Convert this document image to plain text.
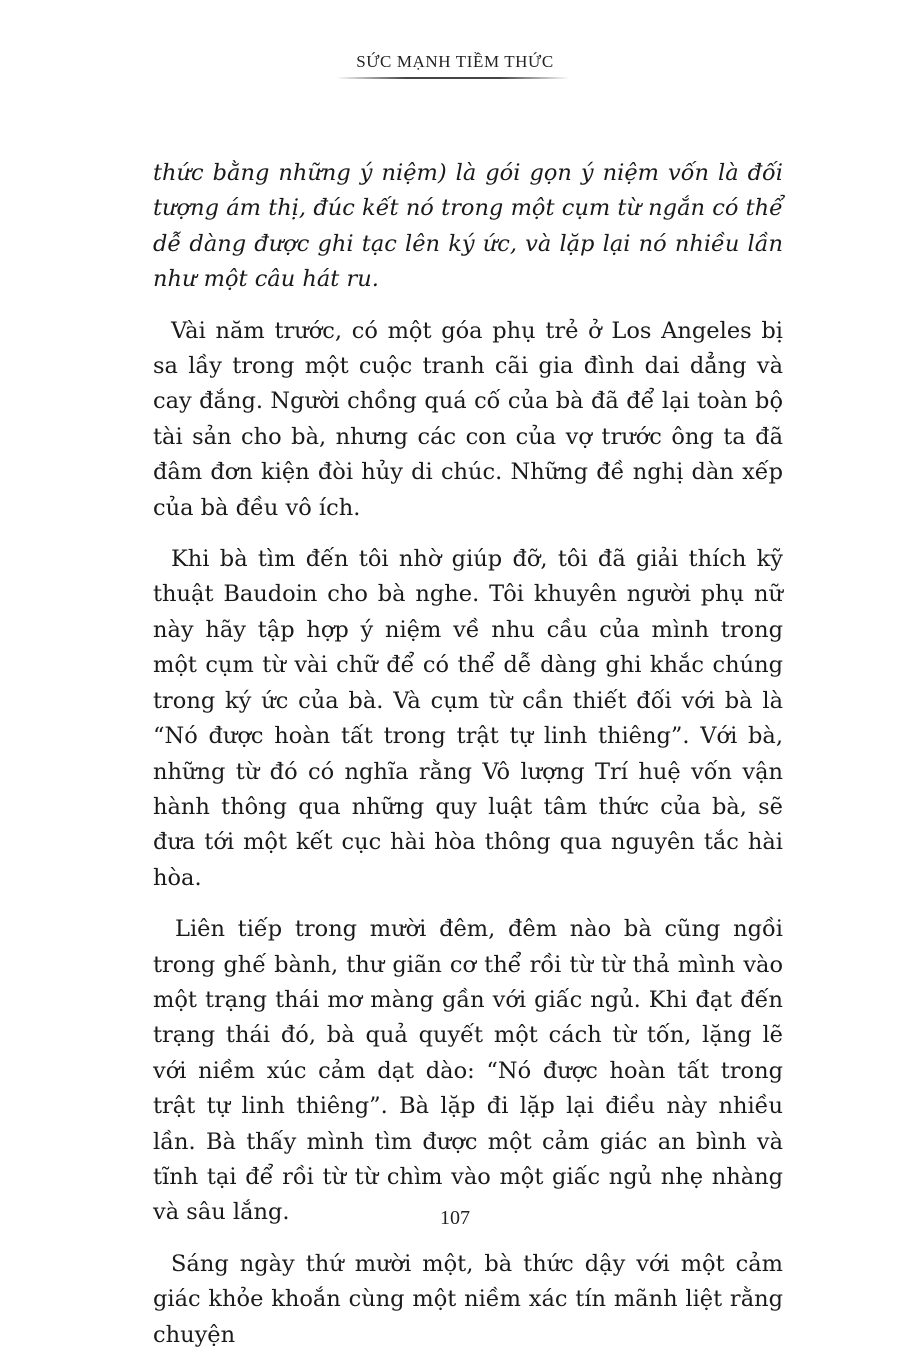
SỨC MẠNH TIỀM THỨC

thức bằng những ý niệm) là gói gọn ý niệm vốn là đối tượng ám thị, đúc kết nó trong một cụm từ ngắn có thể dễ dàng được ghi tạc lên ký ức, và lặp lại nó nhiều lần như một câu hát ru.

Vài năm trước, có một góa phụ trẻ ở Los Angeles bị sa lầy trong một cuộc tranh cãi gia đình dai dẳng và cay đắng. Người chồng quá cố của bà đã để lại toàn bộ tài sản cho bà, nhưng các con của vợ trước ông ta đã đâm đơn kiện đòi hủy di chúc. Những đề nghị dàn xếp của bà đều vô ích.

Khi bà tìm đến tôi nhờ giúp đỡ, tôi đã giải thích kỹ thuật Baudoin cho bà nghe. Tôi khuyên người phụ nữ này hãy tập hợp ý niệm về nhu cầu của mình trong một cụm từ vài chữ để có thể dễ dàng ghi khắc chúng trong ký ức của bà. Và cụm từ cần thiết đối với bà là “Nó được hoàn tất trong trật tự linh thiêng”. Với bà, những từ đó có nghĩa rằng Vô lượng Trí huệ vốn vận hành thông qua những quy luật tâm thức của bà, sẽ đưa tới một kết cục hài hòa thông qua nguyên tắc hài hòa.

Liên tiếp trong mười đêm, đêm nào bà cũng ngồi trong ghế bành, thư giãn cơ thể rồi từ từ thả mình vào một trạng thái mơ màng gần với giấc ngủ. Khi đạt đến trạng thái đó, bà quả quyết một cách từ tốn, lặng lẽ với niềm xúc cảm dạt dào: “Nó được hoàn tất trong trật tự linh thiêng”. Bà lặp đi lặp lại điều này nhiều lần. Bà thấy mình tìm được một cảm giác an bình và tĩnh tại để rồi từ từ chìm vào một giấc ngủ nhẹ nhàng và sâu lắng.

Sáng ngày thứ mười một, bà thức dậy với một cảm giác khỏe khoắn cùng một niềm xác tín mãnh liệt rằng chuyện

107
